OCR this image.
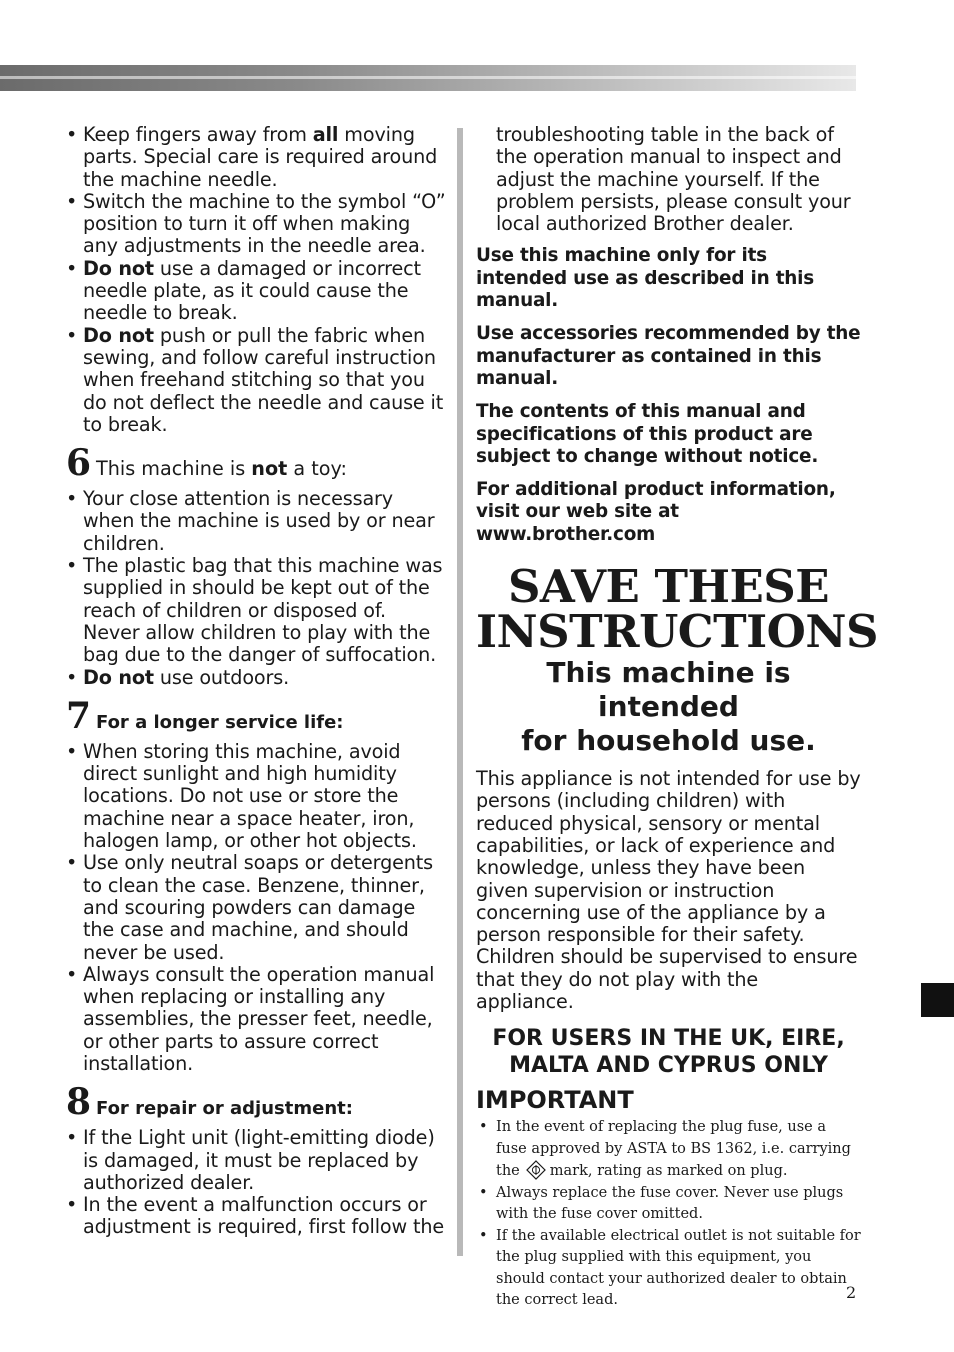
• Keep fingers away from all moving parts. Special care is required around the machine needle.
• Switch the machine to the symbol “O” position to turn it off when making any adjustments in the needle area.
• Do not use a damaged or incorrect needle plate, as it could cause the needle to break.
• Do not push or pull the fabric when sewing, and follow careful instruction when freehand stitching so that you do not deflect the needle and cause it to break.
6 This machine is not a toy:
• Your close attention is necessary when the machine is used by or near children.
• The plastic bag that this machine was supplied in should be kept out of the reach of children or disposed of. Never allow children to play with the bag due to the danger of suffocation.
• Do not use outdoors.
7 For a longer service life:
• When storing this machine, avoid direct sunlight and high humidity locations. Do not use or store the machine near a space heater, iron, halogen lamp, or other hot objects.
• Use only neutral soaps or detergents to clean the case. Benzene, thinner, and scouring powders can damage the case and machine, and should never be used.
• Always consult the operation manual when replacing or installing any assemblies, the presser feet, needle, or other parts to assure correct installation.
8 For repair or adjustment:
• If the Light unit (light-emitting diode) is damaged, it must be replaced by authorized dealer.
• In the event a malfunction occurs or adjustment is required, first follow the

troubleshooting table in the back of the operation manual to inspect and adjust the machine yourself. If the problem persists, please consult your local authorized Brother dealer.

Use this machine only for its intended use as described in this manual.

Use accessories recommended by the manufacturer as contained in this manual.

The contents of this manual and specifications of this product are subject to change without notice.

For additional product information, visit our web site at www.brother.com

SAVE THESE
INSTRUCTIONS
This machine is intended
for household use.

This appliance is not intended for use by persons (including children) with reduced physical, sensory or mental capabilities, or lack of experience and knowledge, unless they have been given supervision or instruction concerning use of the appliance by a person responsible for their safety.

Children should be supervised to ensure that they do not play with the appliance.

FOR USERS IN THE UK, EIRE,
MALTA AND CYPRUS ONLY
IMPORTANT
• In the event of replacing the plug fuse, use a fuse approved by ASTA to BS 1362, i.e. carrying the mark, rating as marked on plug.
• Always replace the fuse cover. Never use plugs with the fuse cover omitted.
• If the available electrical outlet is not suitable for the plug supplied with this equipment, you should contact your authorized dealer to obtain the correct lead.	2
